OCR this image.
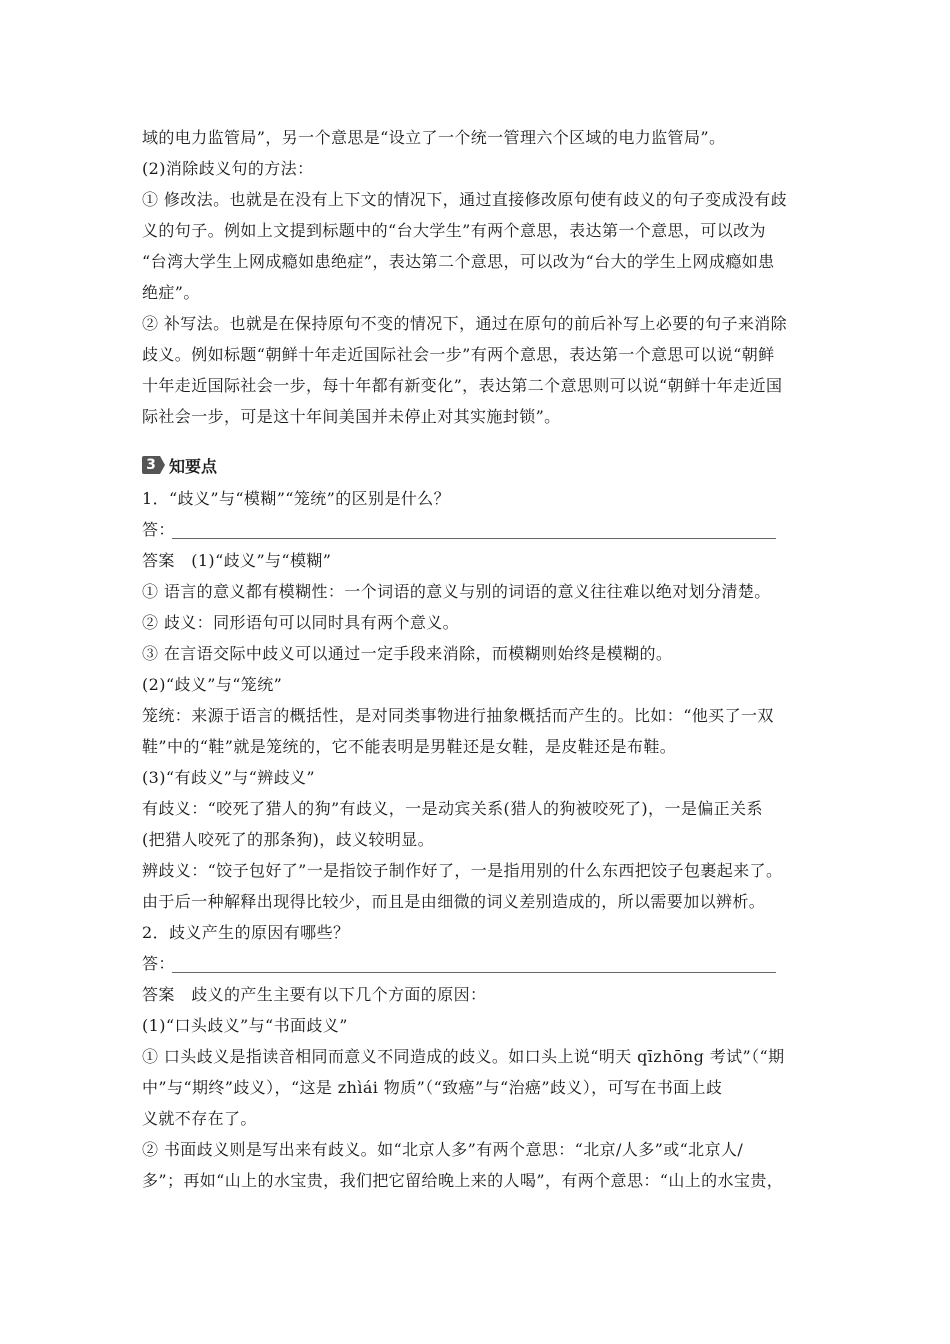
域的电力监管局”，另一个意思是“设立了一个统一管理六个区域的电力监管局”。
(2)消除歧义句的方法：
① 修改法。也就是在没有上下文的情况下，通过直接修改原句使有歧义的句子变成没有歧
义的句子。例如上文提到标题中的“台大学生”有两个意思，表达第一个意思，可以改为
“台湾大学生上网成瘾如患绝症”，表达第二个意思，可以改为“台大的学生上网成瘾如患
绝症”。
② 补写法。也就是在保持原句不变的情况下，通过在原句的前后补写上必要的句子来消除
歧义。例如标题“朝鲜十年走近国际社会一步”有两个意思，表达第一个意思可以说“朝鲜
十年走近国际社会一步，每十年都有新变化”，表达第二个意思则可以说“朝鲜十年走近国
际社会一步，可是这十年间美国并未停止对其实施封锁”。
3 知要点
1．“歧义”与“模糊”“笼统”的区别是什么？
答：
答案　(1)“歧义”与“模糊”
① 语言的意义都有模糊性：一个词语的意义与别的词语的意义往往难以绝对划分清楚。
② 歧义：同形语句可以同时具有两个意义。
③ 在言语交际中歧义可以通过一定手段来消除，而模糊则始终是模糊的。
(2)“歧义”与“笼统”
笼统：来源于语言的概括性，是对同类事物进行抽象概括而产生的。比如：“他买了一双
鞋”中的“鞋”就是笼统的，它不能表明是男鞋还是女鞋，是皮鞋还是布鞋。
(3)“有歧义”与“辨歧义”
有歧义：“咬死了猎人的狗”有歧义，一是动宾关系(猎人的狗被咬死了)，一是偏正关系
(把猎人咬死了的那条狗)，歧义较明显。
辨歧义：“饺子包好了”一是指饺子制作好了，一是指用别的什么东西把饺子包裹起来了。
由于后一种解释出现得比较少，而且是由细微的词义差别造成的，所以需要加以辨析。
2．歧义产生的原因有哪些？
答：
答案　歧义的产生主要有以下几个方面的原因：
(1)“口头歧义”与“书面歧义”
① 口头歧义是指读音相同而意义不同造成的歧义。如口头上说“明天 qīzhōng 考试”（“期
中”与“期终”歧义），“这是 zhìái 物质”（“致癌”与“治癌”歧义），可写在书面上歧
义就不存在了。
② 书面歧义则是写出来有歧义。如“北京人多”有两个意思：“北京/人多”或“北京人/
多”；再如“山上的水宝贵，我们把它留给晚上来的人喝”，有两个意思：“山上的水宝贵，
